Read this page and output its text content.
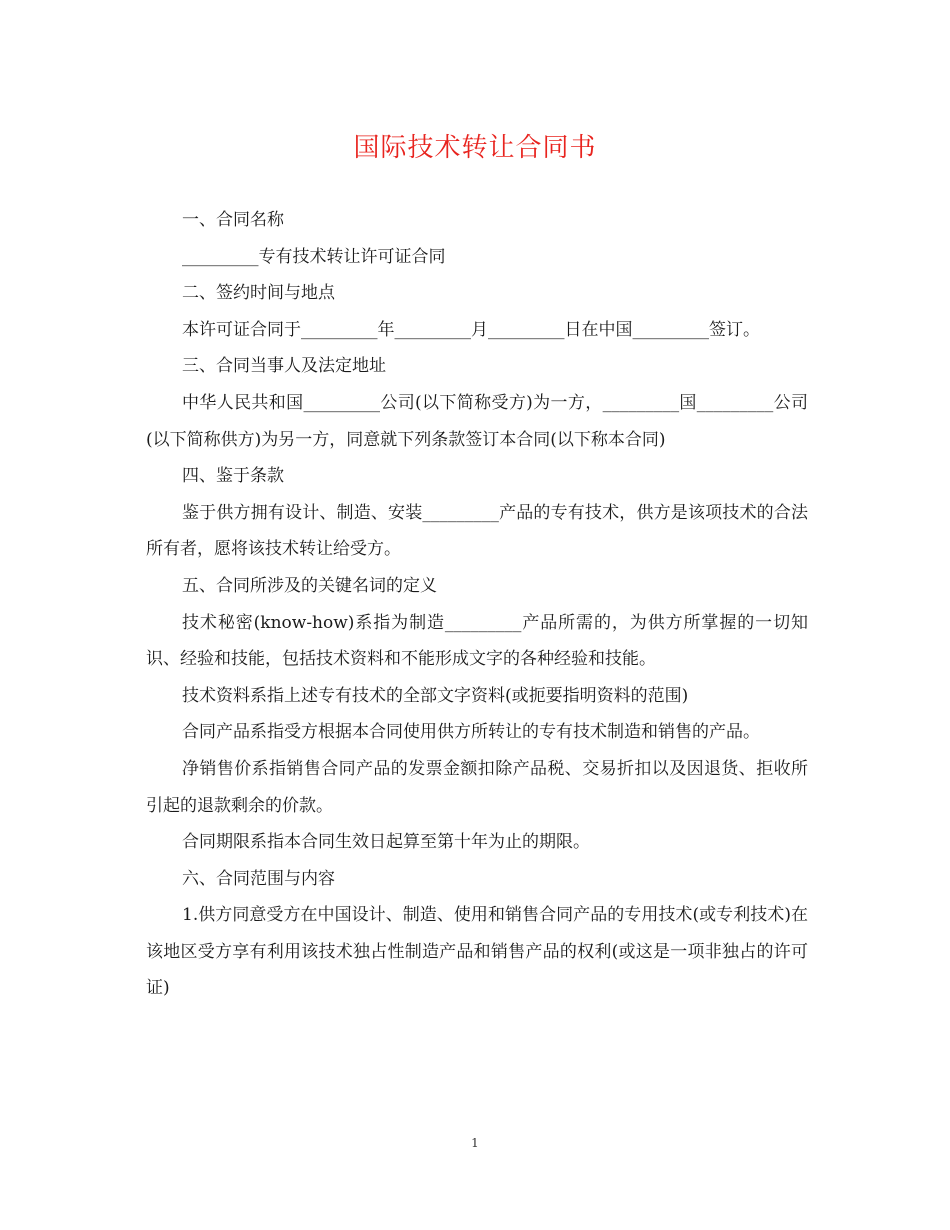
国际技术转让合同书

一、合同名称

_________专有技术转让许可证合同

二、签约时间与地点

本许可证合同于_________年_________月_________日在中国_________签订。

三、合同当事人及法定地址

中华人民共和国_________公司(以下简称受方)为一方，_________国_________公司(以下简称供方)为另一方，同意就下列条款签订本合同(以下称本合同)

四、鉴于条款

鉴于供方拥有设计、制造、安装_________产品的专有技术，供方是该项技术的合法所有者，愿将该技术转让给受方。

五、合同所涉及的关键名词的定义

技术秘密(know-how)系指为制造_________产品所需的，为供方所掌握的一切知识、经验和技能，包括技术资料和不能形成文字的各种经验和技能。

技术资料系指上述专有技术的全部文字资料(或扼要指明资料的范围)

合同产品系指受方根据本合同使用供方所转让的专有技术制造和销售的产品。

净销售价系指销售合同产品的发票金额扣除产品税、交易折扣以及因退货、拒收所引起的退款剩余的价款。

合同期限系指本合同生效日起算至第十年为止的期限。

六、合同范围与内容

1.供方同意受方在中国设计、制造、使用和销售合同产品的专用技术(或专利技术)在该地区受方享有利用该技术独占性制造产品和销售产品的权利(或这是一项非独占的许可证)

1
